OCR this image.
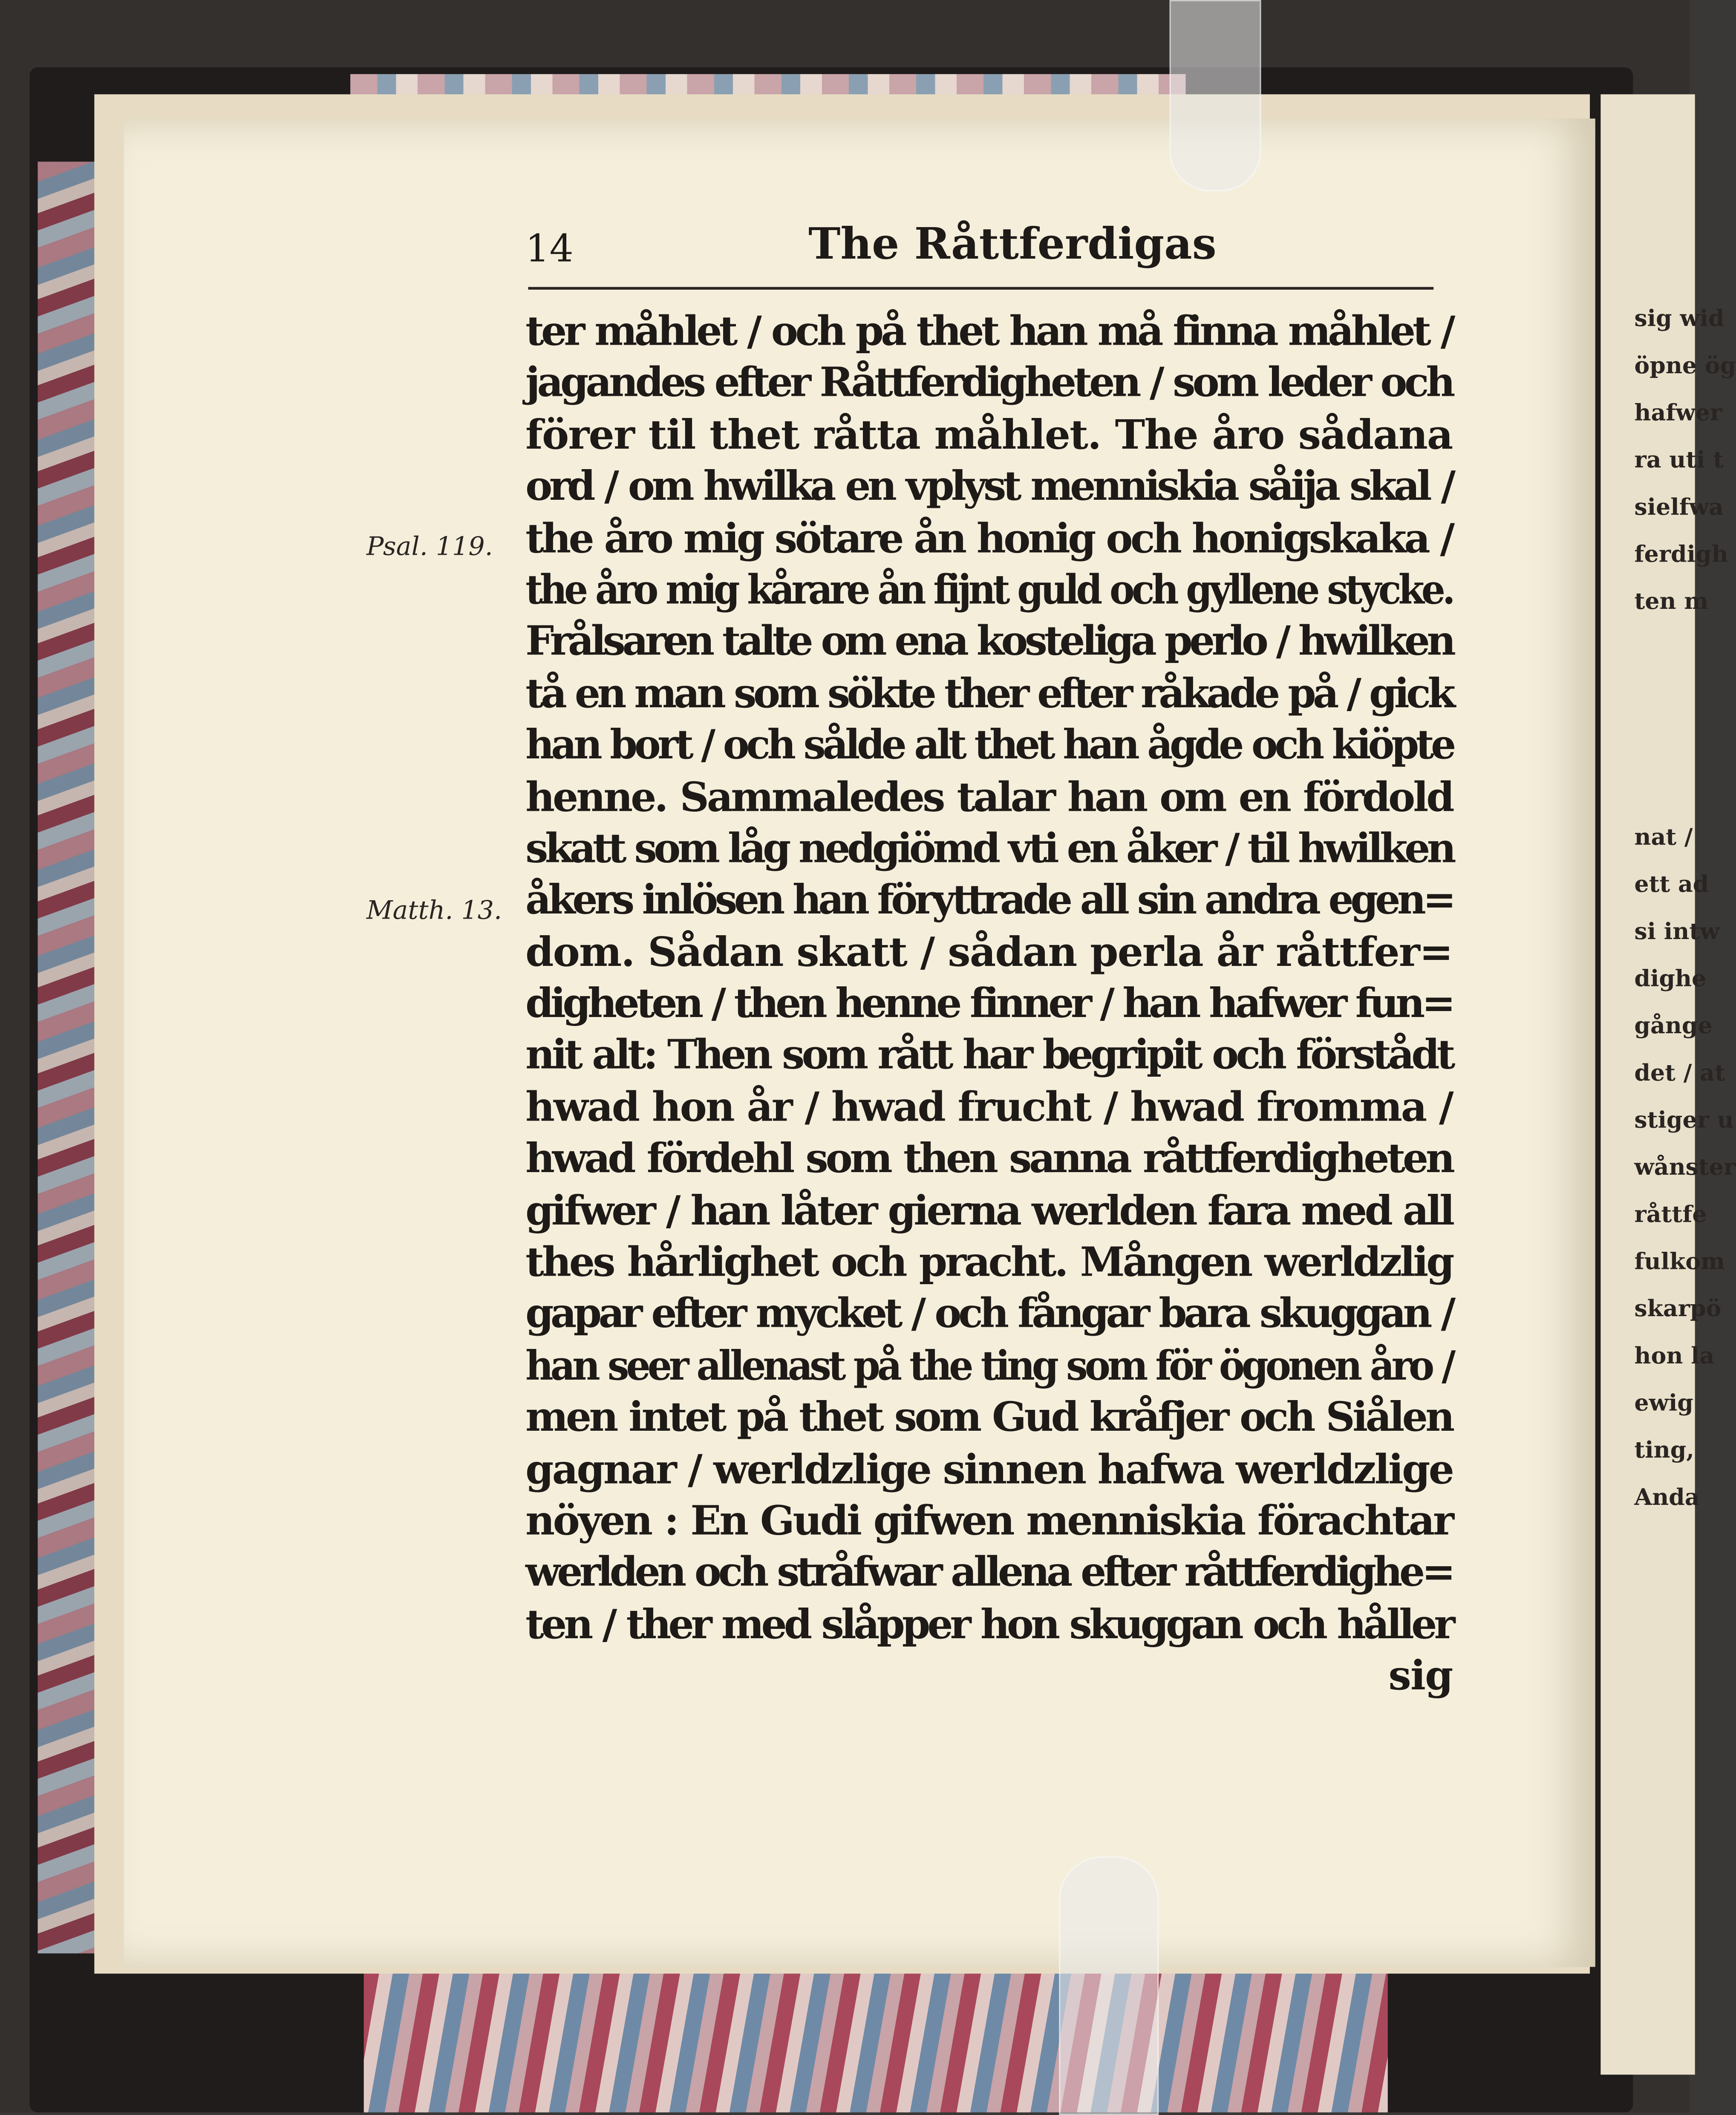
sig wid
öpne ög
hafwer
ra uti t
sielfwa
ferdigh
ten m
nat /
ett ad
si intw
dighe
gånge
det / at
stiger u
wånster
råttfe
fulkom
skarpö
hon la
ewig
ting,
Anda
14	The Råttferdigas
Psal. 119.
Matth. 13.
ter måhlet / och på thet han må finna måhlet /
jagandes efter Råttferdigheten / som leder och
förer til thet råtta måhlet. The åro sådana
ord / om hwilka en vplyst menniskia såija skal /
the åro mig sötare ån honig och honigskaka /
the åro mig kårare ån fijnt guld och gyllene stycke.
Frålsaren talte om ena kosteliga perlo / hwilken
tå en man som sökte ther efter råkade på / gick
han bort / och sålde alt thet han ågde och kiöpte
henne. Sammaledes talar han om en fördold
skatt som låg nedgiömd vti en åker / til hwilken
åkers inlösen han föryttrade all sin andra egen=
dom. Sådan skatt / sådan perla år råttfer=
digheten / then henne finner / han hafwer fun=
nit alt: Then som rått har begripit och förstådt
hwad hon år / hwad frucht / hwad fromma /
hwad fördehl som then sanna råttferdigheten
gifwer / han låter gierna werlden fara med all
thes hårlighet och pracht. Mången werldzlig
gapar efter mycket / och fångar bara skuggan /
han seer allenast på the ting som för ögonen åro /
men intet på thet som Gud kråfjer och Siålen
gagnar / werldzlige sinnen hafwa werldzlige
nöyen : En Gudi gifwen menniskia förachtar
werlden och stråfwar allena efter råttferdighe=
ten / ther med slåpper hon skuggan och håller
sig
